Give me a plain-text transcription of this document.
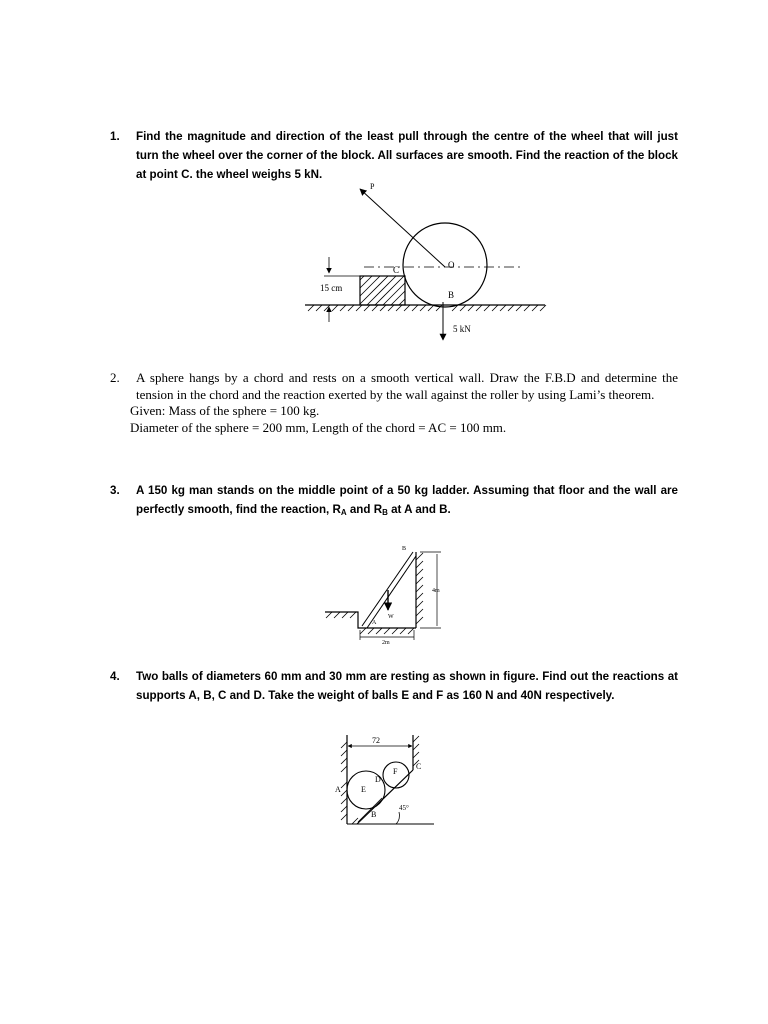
1. Find the magnitude and direction of the least pull through the centre of the wheel that will just turn the wheel over the corner of the block. All surfaces are smooth. Find the reaction of the block at point C. the wheel weighs 5 kN.
P
O
C
B
15 cm
5 kN
2. A sphere hangs by a chord and rests on a smooth vertical wall. Draw the F.B.D and determine the tension in the chord and the reaction exerted by the wall against the roller by using Lami’s theorem.
Given: Mass of the sphere = 100 kg.
Diameter of the sphere = 200 mm, Length of the chord = AC = 100 mm.
3. A 150 kg man stands on the middle point of a 50 kg ladder. Assuming that floor and the wall are perfectly smooth, find the reaction, $R_A$ and $R_B$ at A and B.
W
B
A
4m
2m
4. Two balls of diameters 60 mm and 30 mm are resting as shown in figure. Find out the reactions at supports A, B, C and D. Take the weight of balls E and F as 160 N and 40N respectively.
72
45°
E
F
A
B
C
D
